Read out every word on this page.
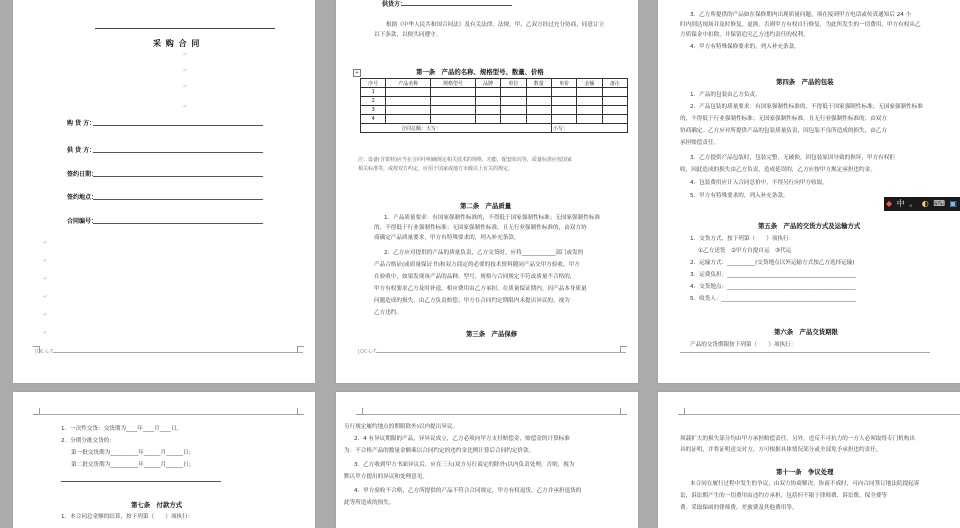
采 购 合 同
↵
↵
↵
↵
购 货 方：
供 货 方：
签约日期：
签约地点：
合同编号：
↵
↵
↵
↵
↵
↵
[QC-L-T
供货方：
根据《中华人民共和国合同法》及有关法律、法规，甲、乙双方经过充分协商，同意订立
以下条款，以便共同遵守。
+	第一条　产品的名称、规格型号、数量、价格
序号	产品名称	规格型号	品牌	单位	数量	单价	金额	备注
1								
2								
3								
4								
合同总额：大写：						小写：		
注：设备(含资料)应当在合同中明确规定相关技术的规格、功能、配套状况等，质量标准应按国家
相关标准等，或按双方约定，应用于国家或地方市级以上有关的规定。
第二条　产品质量
1．产品质量要求：有国家强制性标准的，不得低于国家强制性标准；无国家强制性标准
的，不得低于行业强制性标准；无国家强制性标准，且无行业强制性标准的，由双方协
商确定产品质量要求，甲方有特殊要求的，列入补充条款。
2．乙方应对提供的产品的质量负责，乙方交货时，应将____________部门或发的
产品合格证(或质量保证书)和双方商定的必要的技术资料随同产品交甲方验收，甲方
在验收中，如果发现该产品的品种、型号、规格与合同规定不符或质量不合格的，
甲方有权要求乙方及时补退，相应费用由乙方承担。在质量保证期内，因产品本身质量
问题造成的损失，由乙方负责赔偿；甲方在合同约定期限内未提出异议的，视为
乙方违约。
第三条　产品保修
[QC-L-T
3．乙方所提供的产品如在保修期内出现质量问题，须在接到甲方电话或传真通知后 24 小
时内到达现场并及时修复，更换。否则甲方有权自行修复，为此所发生的一切费用，甲方有权从乙
方质保金中扣除，并保留追究乙方违约责任的权利。
4．甲方有特殊保修要求的，列入补充条款。
第四条　产品的包装
1．产品的包装由乙方负责。
2．产品包装的质量要求：有国家强制性标准的，不得低于国家强制性标准；无国家强制性标准
的，不得低于行业强制性标准；无国家强制性标准，且无行业强制性标准的，由双方
协商确定。乙方应对所提供产品的包装质量负责，因包装不良所造成的损失，由乙方
承担赔偿责任。
3．乙方提供产品包装时，包装完整、无破损，因包装原因导致的损坏，甲方有权拒
收，因此造成的损失由乙方负责，造成延误的，乙方应按甲方规定承担违约金。
4．包装费用应计入合同总价中，不得另行向甲方收取。
5．甲方有特殊要求的，列入补充条款。
第五条　产品的交货方式及运输方式
1．交货方式，按下列第（　　）项执行：
①乙方送货　②甲方自提自运　③代运
2．运输方式：__________(交货地点以外运输方式按乙方选择运输)
3．运费负担：______________________________________________
4．交货地点：______________________________________________
5．收货人：________________________________________________
第六条　产品交货期限
产品的交货期限按下列第（　　）项执行：
1．一次性交货：交货期为____年____月____日。
2．分期分批交货的：
第一批交货期为__________年______月______日；
第二批交货期为__________年______月______日；
第七条　付款方式
1．本合同总金额的结算，按下列第（　　）项执行：
另行规定履约地点的期限除外)以内提出异议。
2．4 有异议期限的产品，异异议成立，乙方必须向甲方支付赔偿金，赔偿金的计算标准
为：不合格产品的数量金额乘以合同约定的违约金比例计算后合同约定价款。
3．乙方收到甲方书面异议后，应在三天(双方另行商定的除外)以内负责处理，否则，视为
默认甲方提出的异议和处理意见。
4．甲方验收不合格，乙方所提供的产品不符合合同规定，甲方有权退货，乙方并承担退货的
此等所造成的损失。
须载扩大的损失部分均由甲方承担赔偿责任。另外，违反不可抗力的一方人必须取得专门机构出
具的证明，并将证明送交对方，方可根据具体情况部分或全部免予承担违约责任。
第十一条　争议处理
本合同在履行过程中发生的争议，由双方协商解决，协商不成时，可向合同签订地法院提起诉
讼，诉讼期产生的一切费用由违约方承担，包括但不限于律师费、诉讼费、保全费等
费。采取保函的律师费、差旅费及其他费用等。
◆ 中 。 ◐ ⌨ ▣
